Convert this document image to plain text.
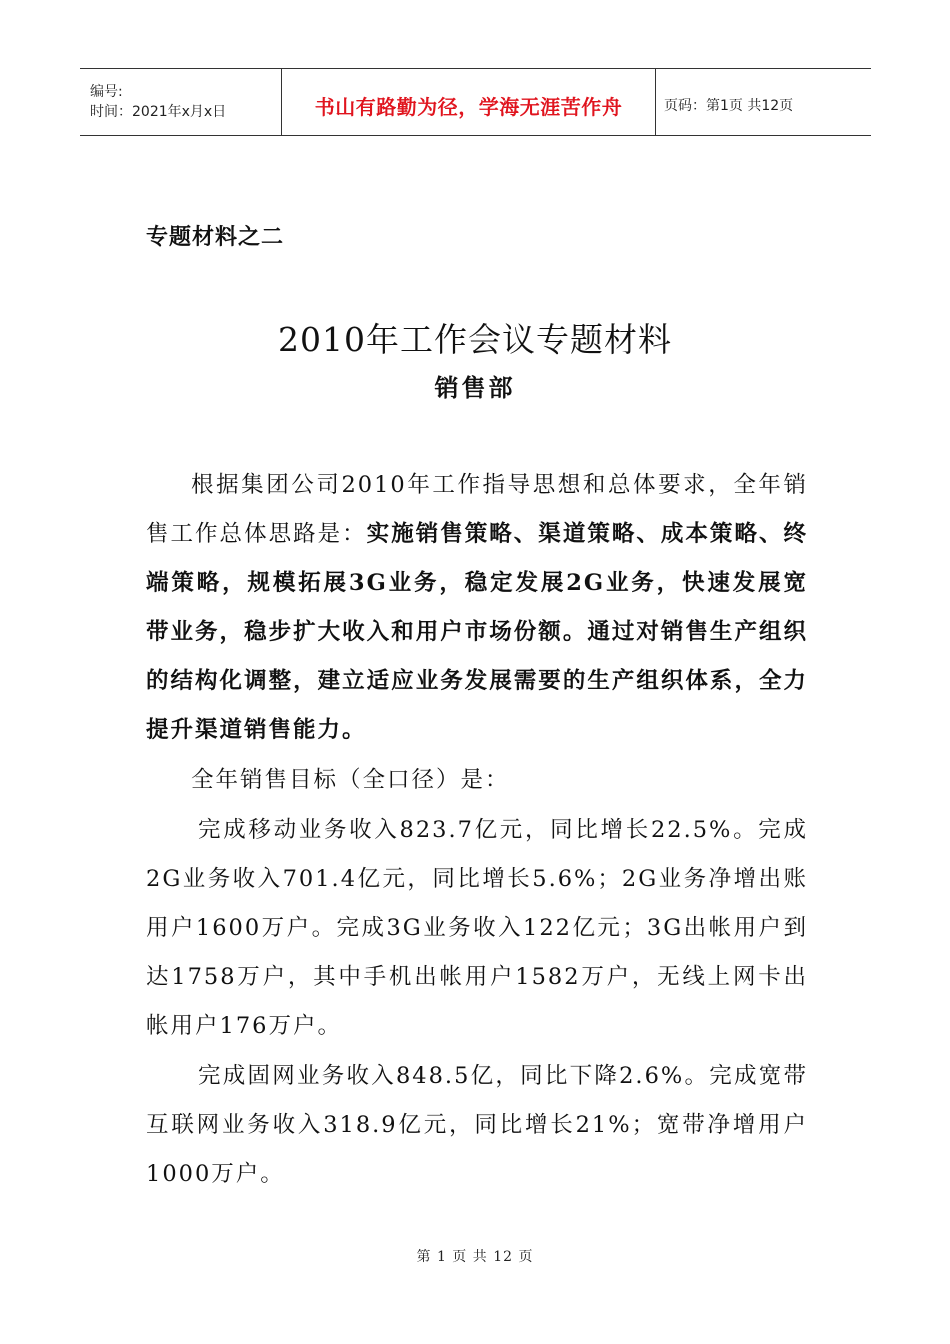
编号:
时间：2021年x月x日	书山有路勤为径，学海无涯苦作舟	页码：第1页 共12页
专题材料之二
2010年工作会议专题材料
销售部

根据集团公司2010年工作指导思想和总体要求，全年销售工作总体思路是：实施销售策略、渠道策略、成本策略、终端策略，规模拓展3G业务，稳定发展2G业务，快速发展宽带业务，稳步扩大收入和用户市场份额。通过对销售生产组织的结构化调整，建立适应业务发展需要的生产组织体系，全力提升渠道销售能力。

全年销售目标（全口径）是：

完成移动业务收入823.7亿元，同比增长22.5%。完成2G业务收入701.4亿元，同比增长5.6%；2G业务净增出账用户1600万户。完成3G业务收入122亿元；3G出帐用户到达1758万户，其中手机出帐用户1582万户，无线上网卡出帐用户176万户。

完成固网业务收入848.5亿，同比下降2.6%。完成宽带互联网业务收入318.9亿元，同比增长21%；宽带净增用户1000万户。

第 1 页 共 12 页
